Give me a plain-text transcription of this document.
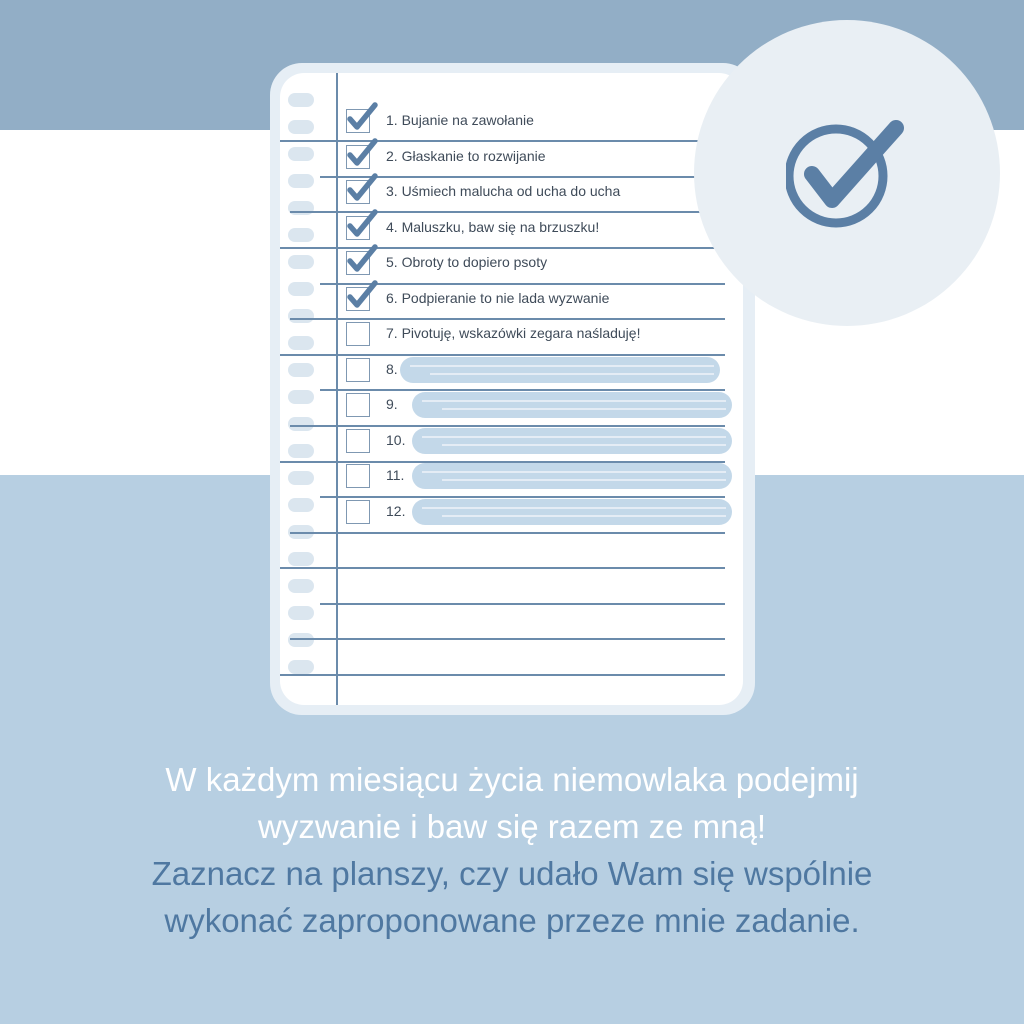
1. Bujanie na zawołanie
2. Głaskanie to rozwijanie
3. Uśmiech malucha od ucha do ucha
4. Maluszku, baw się na brzuszku!
5. Obroty to dopiero psoty
6. Podpieranie to nie lada wyzwanie
7. Pivotuję, wskazówki zegara naśladuję!
8.
9.
10.
11.
12.

W każdym miesiącu życia niemowlaka podejmij

wyzwanie i baw się razem ze mną!

Zaznacz na planszy, czy udało Wam się wspólnie

wykonać zaproponowane przeze mnie zadanie.
